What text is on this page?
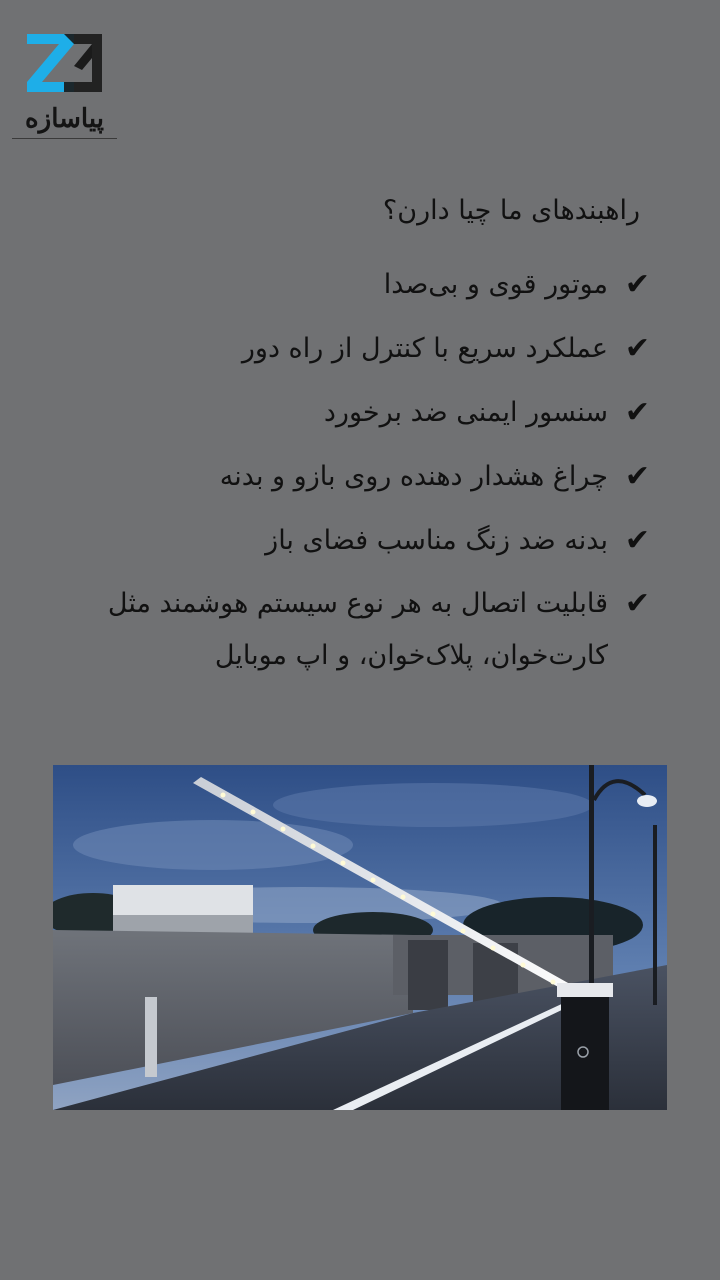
پیاسازه
راهبندهای ما چیا دارن؟
✔
موتور قوی و بی‌صدا
✔
عملکرد سریع با کنترل از راه دور
✔
سنسور ایمنی ضد برخورد
✔
چراغ هشدار دهنده روی بازو و بدنه
✔
بدنه ضد زنگ مناسب فضای باز
✔
قابلیت اتصال به هر نوع سیستم هوشمند مثل کارت‌خوان، پلاک‌خوان، و اپ موبایل
